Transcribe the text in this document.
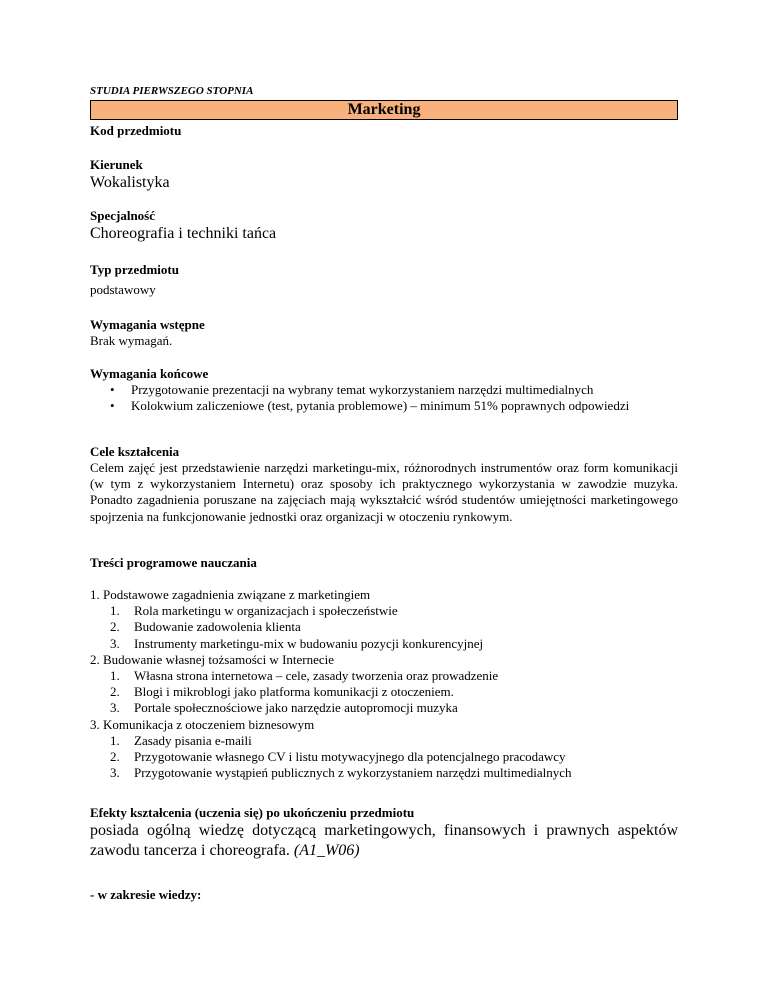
STUDIA PIERWSZEGO STOPNIA
Marketing
Kod przedmiotu
Kierunek
Wokalistyka
Specjalność
Choreografia i techniki tańca
Typ przedmiotu
podstawowy
Wymagania wstępne
Brak wymagań.
Wymagania końcowe
• Przygotowanie prezentacji na wybrany temat wykorzystaniem narzędzi multimedialnych
• Kolokwium zaliczeniowe (test, pytania problemowe) – minimum 51% poprawnych odpowiedzi
Cele kształcenia
Celem zajęć jest przedstawienie narzędzi marketingu-mix, różnorodnych instrumentów oraz form komunikacji (w tym z wykorzystaniem Internetu) oraz sposoby ich praktycznego wykorzystania w zawodzie muzyka. Ponadto zagadnienia poruszane na zajęciach mają wykształcić wśród studentów umiejętności marketingowego spojrzenia na funkcjonowanie jednostki oraz organizacji w otoczeniu rynkowym.
Treści programowe nauczania
1. Podstawowe zagadnienia związane z marketingiem
1. Rola marketingu w organizacjach i społeczeństwie
2. Budowanie zadowolenia klienta
3. Instrumenty marketingu-mix w budowaniu pozycji konkurencyjnej
2. Budowanie własnej tożsamości w Internecie
1. Własna strona internetowa – cele, zasady tworzenia oraz prowadzenie
2. Blogi i mikroblogi jako platforma komunikacji z otoczeniem.
3. Portale społecznościowe jako narzędzie autopromocji muzyka
3. Komunikacja z otoczeniem biznesowym
1. Zasady pisania e-maili
2. Przygotowanie własnego CV i listu motywacyjnego dla potencjalnego pracodawcy
3. Przygotowanie wystąpień publicznych z wykorzystaniem narzędzi multimedialnych
Efekty kształcenia (uczenia się) po ukończeniu przedmiotu
posiada ogólną wiedzę dotyczącą marketingowych, finansowych i prawnych aspektów zawodu tancerza i choreografa. (A1_W06)
- w zakresie wiedzy:
